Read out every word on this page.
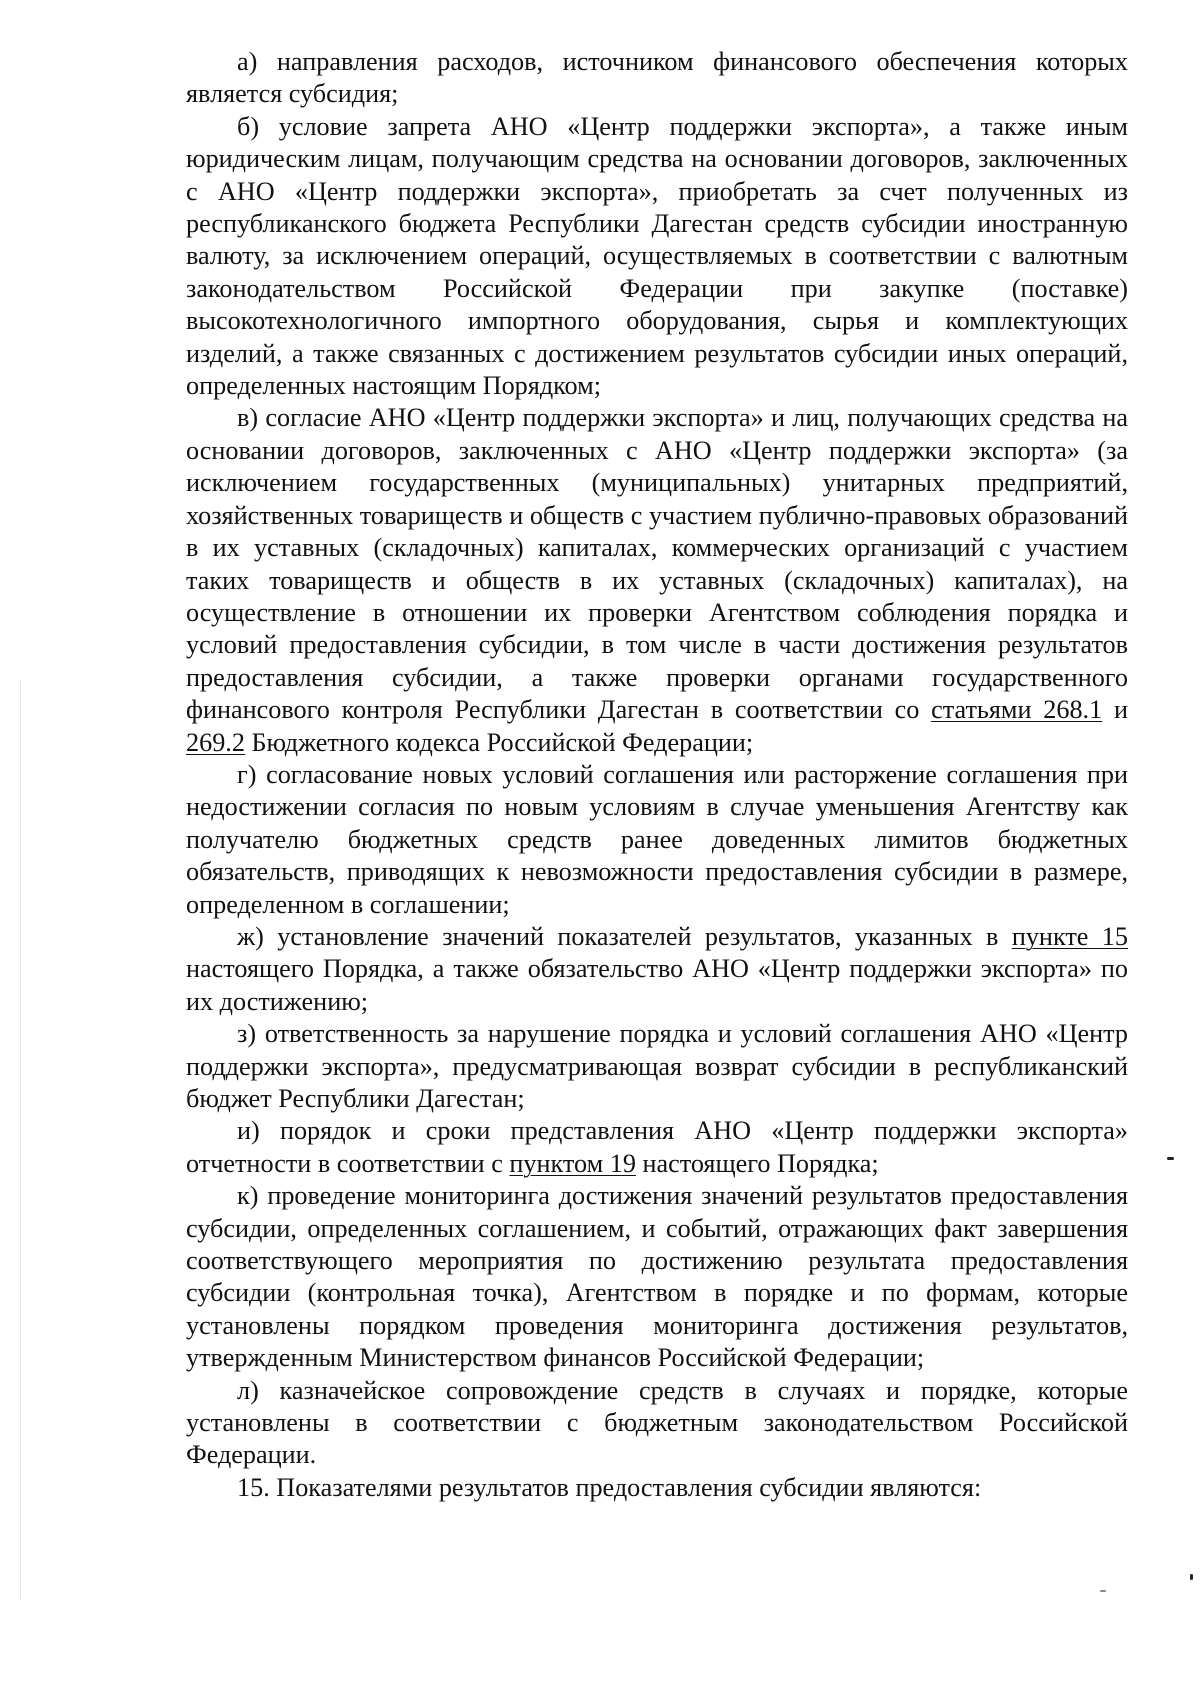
а) направления расходов, источником финансового обеспечения которых является субсидия;

б) условие запрета АНО «Центр поддержки экспорта», а также иным юридическим лицам, получающим средства на основании договоров, заключенных с АНО «Центр поддержки экспорта», приобретать за счет полученных из республиканского бюджета Республики Дагестан средств субсидии иностранную валюту, за исключением операций, осуществляемых в соответствии с валютным законодательством Российской Федерации при закупке (поставке) высокотехнологичного импортного оборудования, сырья и комплектующих изделий, а также связанных с достижением результатов субсидии иных операций, определенных настоящим Порядком;

в) согласие АНО «Центр поддержки экспорта» и лиц, получающих средства на основании договоров, заключенных с АНО «Центр поддержки экспорта» (за исключением государственных (муниципальных) унитарных предприятий, хозяйственных товариществ и обществ с участием публично-правовых образований в их уставных (складочных) капиталах, коммерческих организаций с участием таких товариществ и обществ в их уставных (складочных) капиталах), на осуществление в отношении их проверки Агентством соблюдения порядка и условий предоставления субсидии, в том числе в части достижения результатов предоставления субсидии, а также проверки органами государственного финансового контроля Республики Дагестан в соответствии со статьями 268.1 и 269.2 Бюджетного кодекса Российской Федерации;

г) согласование новых условий соглашения или расторжение соглашения при недостижении согласия по новым условиям в случае уменьшения Агентству как получателю бюджетных средств ранее доведенных лимитов бюджетных обязательств, приводящих к невозможности предоставления субсидии в размере, определенном в соглашении;

ж) установление значений показателей результатов, указанных в пункте 15 настоящего Порядка, а также обязательство АНО «Центр поддержки экспорта» по их достижению;

з) ответственность за нарушение порядка и условий соглашения АНО «Центр поддержки экспорта», предусматривающая возврат субсидии в республиканский бюджет Республики Дагестан;

и) порядок и сроки представления АНО «Центр поддержки экспорта» отчетности в соответствии с пунктом 19 настоящего Порядка;

к) проведение мониторинга достижения значений результатов предоставления субсидии, определенных соглашением, и событий, отражающих факт завершения соответствующего мероприятия по достижению результата предоставления субсидии (контрольная точка), Агентством в порядке и по формам, которые установлены порядком проведения мониторинга достижения результатов, утвержденным Министерством финансов Российской Федерации;

л) казначейское сопровождение средств в случаях и порядке, которые установлены в соответствии с бюджетным законодательством Российской Федерации.

15. Показателями результатов предоставления субсидии являются:
